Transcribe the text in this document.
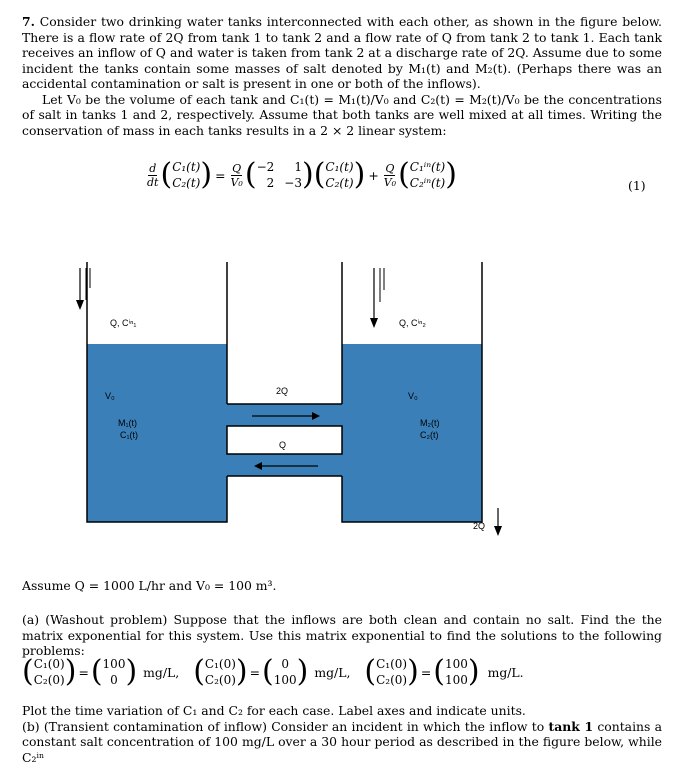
7. Consider two drinking water tanks interconnected with each other, as shown in the figure below. There is a flow rate of 2Q from tank 1 to tank 2 and a flow rate of Q from tank 2 to tank 1. Each tank receives an inflow of Q and water is taken from tank 2 at a discharge rate of 2Q. Assume due to some incident the tanks contain some masses of salt denoted by M₁(t) and M₂(t). (Perhaps there was an accidental contamination or salt is present in one or both of the inflows).

Let V₀ be the volume of each tank and C₁(t) = M₁(t)/V₀ and C₂(t) = M₂(t)/V₀ be the concentrations of salt in tanks 1 and 2, respectively. Assume that both tanks are well mixed at all times. Writing the conservation of mass in each tanks results in a 2 × 2 linear system:

$\frac{d}{dt}$ ( C₁(t)
C₂(t) ) = $\frac{Q}{\text{V₀}}$ ( −2	1
2 −3 ) ( C₁(t)
C₂(t) ) + $\frac{Q}{\text{V₀}}$ ( C₁ⁱⁿ(t)
C₂ⁱⁿ(t) )	(1)
Q, Cⁱⁿ₁	Q, Cⁱⁿ₂
V₀	V₀
M₁(t)
C₁(t)
M₂(t)
C₂(t)
2Q
Q
2Q

Assume Q = 1000 L/hr and V₀ = 100 m³.

(a) (Washout problem) Suppose that the inflows are both clean and contain no salt. Find the the matrix exponential for this system. Use this matrix exponential to find the solutions to the following problems:

( C₁(0)
C₂(0) ) = ( 100
0 ) mg/L, ( C₁(0)
C₂(0) ) = ( 0
100 ) mg/L, ( C₁(0)
C₂(0) ) = ( 100
100 ) mg/L.

Plot the time variation of C₁ and C₂ for each case. Label axes and indicate units.

(b) (Transient contamination of inflow) Consider an incident in which the inflow to tank 1 contains a constant salt concentration of 100 mg/L over a 30 hour period as described in the figure below, while C₂ⁱⁿ
